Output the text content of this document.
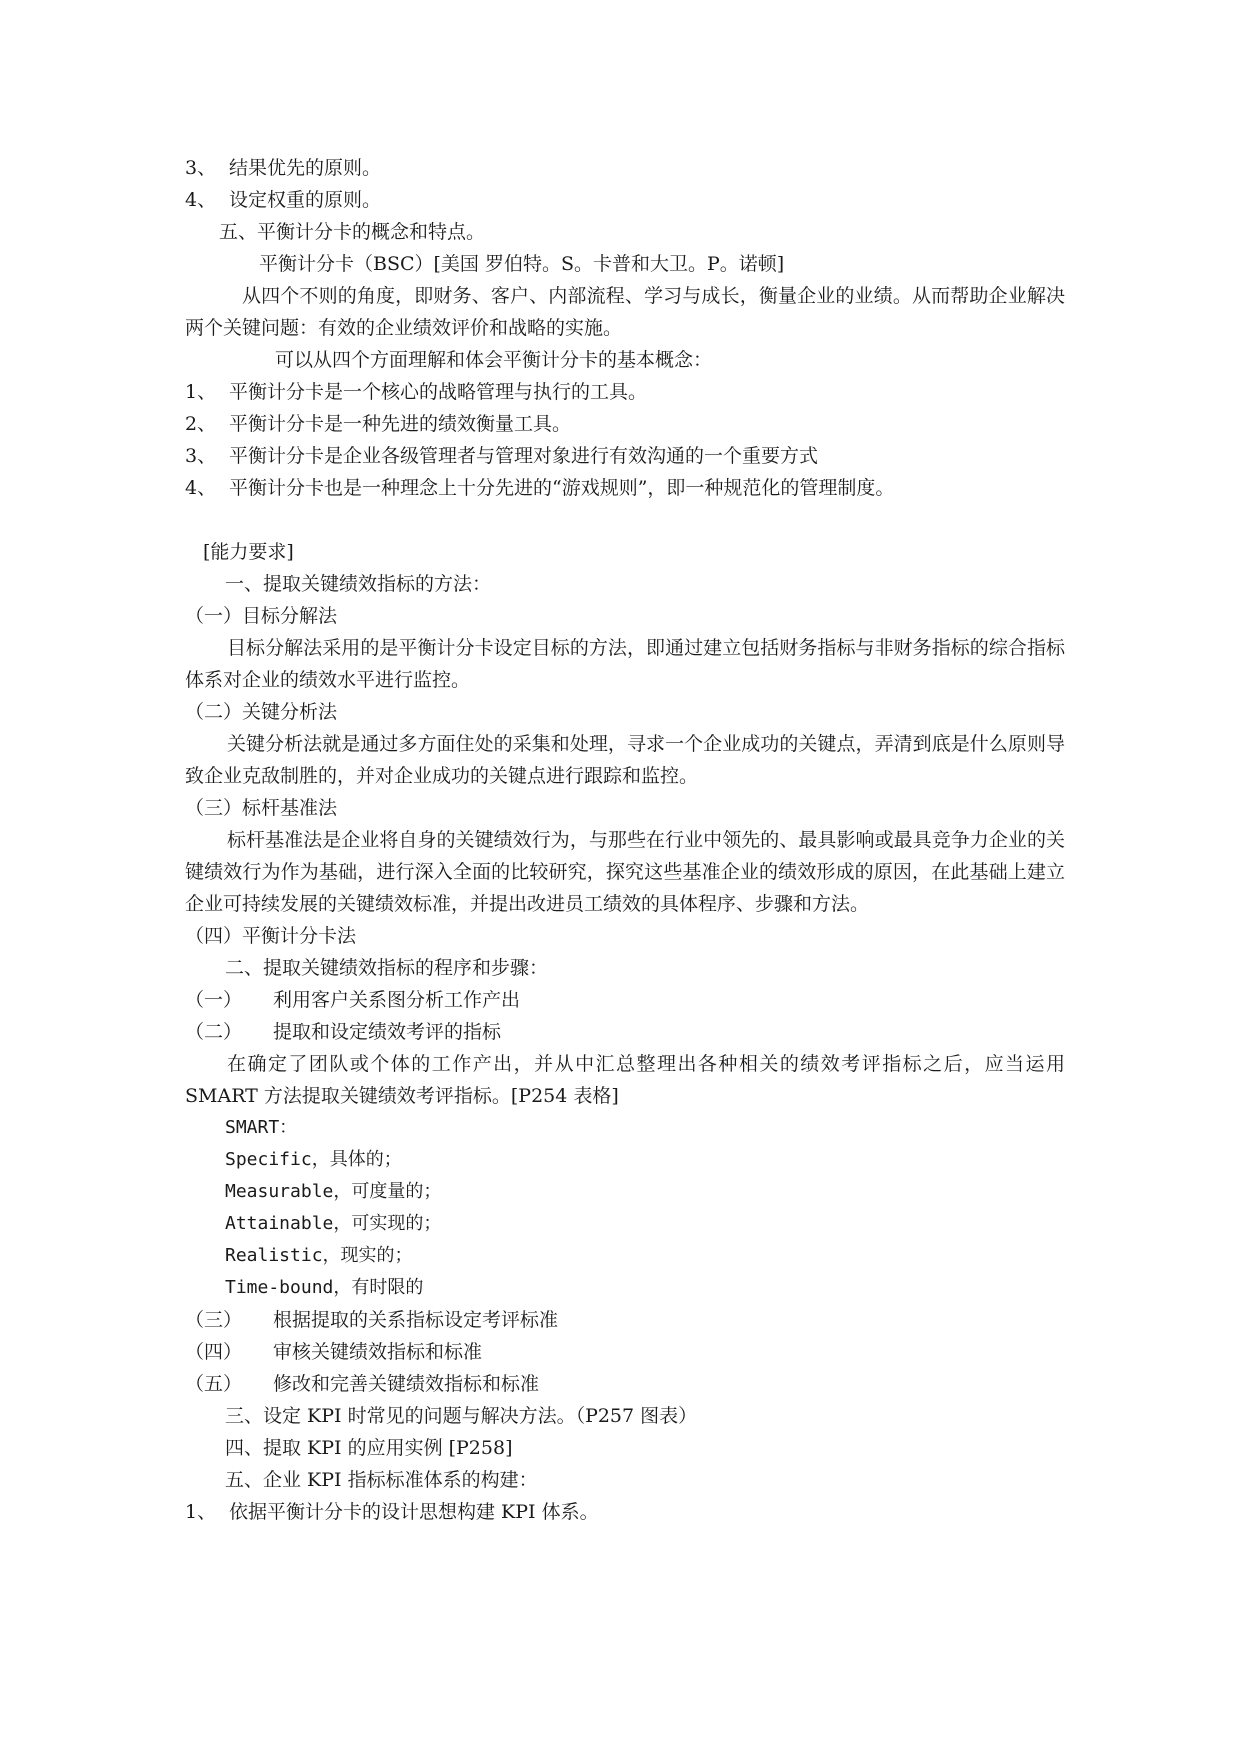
3、 结果优先的原则。
4、 设定权重的原则。
五、平衡计分卡的概念和特点。
平衡计分卡（BSC）[美国 罗伯特。S。卡普和大卫。P。诺顿]
从四个不则的角度，即财务、客户、内部流程、学习与成长，衡量企业的业绩。从而帮助企业解决两个关键问题：有效的企业绩效评价和战略的实施。
可以从四个方面理解和体会平衡计分卡的基本概念：
1、 平衡计分卡是一个核心的战略管理与执行的工具。
2、 平衡计分卡是一种先进的绩效衡量工具。
3、 平衡计分卡是企业各级管理者与管理对象进行有效沟通的一个重要方式
4、 平衡计分卡也是一种理念上十分先进的“游戏规则”，即一种规范化的管理制度。
[能力要求]
一、提取关键绩效指标的方法：
（一）目标分解法
目标分解法采用的是平衡计分卡设定目标的方法，即通过建立包括财务指标与非财务指标的综合指标体系对企业的绩效水平进行监控。
（二）关键分析法
关键分析法就是通过多方面住处的采集和处理，寻求一个企业成功的关键点，弄清到底是什么原则导致企业克敌制胜的，并对企业成功的关键点进行跟踪和监控。
（三）标杆基准法
标杆基准法是企业将自身的关键绩效行为，与那些在行业中领先的、最具影响或最具竞争力企业的关键绩效行为作为基础，进行深入全面的比较研究，探究这些基准企业的绩效形成的原因，在此基础上建立企业可持续发展的关键绩效标准，并提出改进员工绩效的具体程序、步骤和方法。
（四）平衡计分卡法
二、提取关键绩效指标的程序和步骤：
（一） 利用客户关系图分析工作产出
（二） 提取和设定绩效考评的指标
在确定了团队或个体的工作产出，并从中汇总整理出各种相关的绩效考评指标之后，应当运用 SMART 方法提取关键绩效考评指标。[P254 表格]
SMART：
Specific，具体的；
Measurable，可度量的；
Attainable，可实现的；
Realistic，现实的；
Time-bound，有时限的
（三） 根据提取的关系指标设定考评标准
（四） 审核关键绩效指标和标准
（五） 修改和完善关键绩效指标和标准
三、设定 KPI 时常见的问题与解决方法。（P257 图表）
四、提取 KPI 的应用实例 [P258]
五、企业 KPI 指标标准体系的构建：
1、 依据平衡计分卡的设计思想构建 KPI 体系。
